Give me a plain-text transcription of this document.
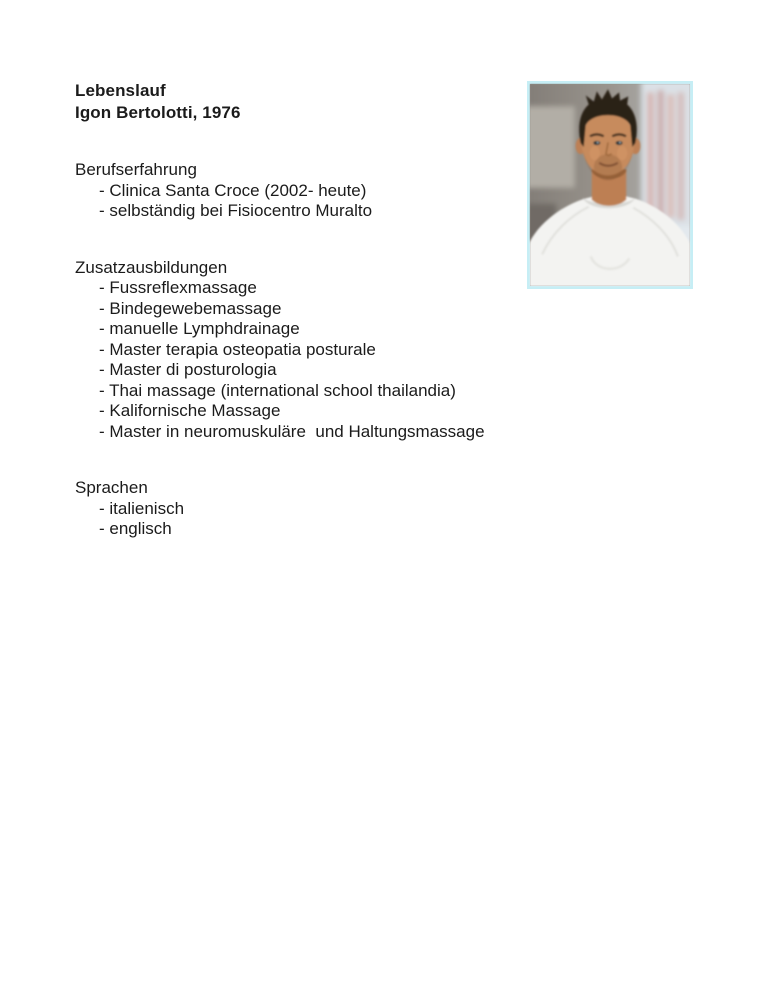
Lebenslauf
Igon Bertolotti, 1976
Berufserfahrung
- Clinica Santa Croce (2002- heute)
- selbständig bei Fisiocentro Muralto
Zusatzausbildungen
- Fussreflexmassage
- Bindegewebemassage
- manuelle Lymphdrainage
- Master terapia osteopatia posturale
- Master di posturologia
- Thai massage (international school thailandia)
- Kalifornische Massage
- Master in neuromuskuläre  und Haltungsmassage
Sprachen
- italienisch
- englisch
